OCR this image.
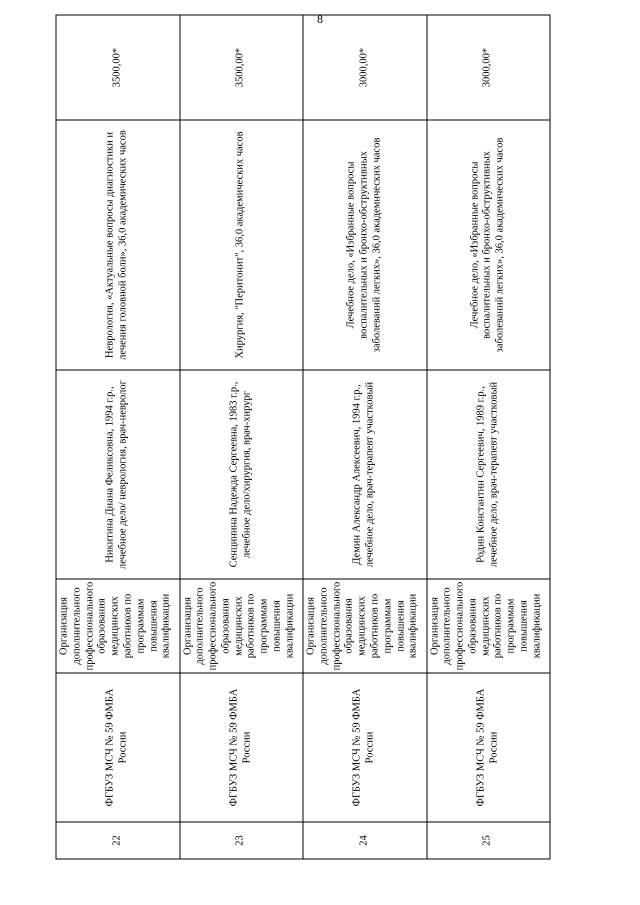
8
22	ФГБУЗ МСЧ № 59 ФМБА России	Организация дополнительного профессионального образования медицинских работников по программам повышения квалификации	Никитина Диана Феликсовна, 1994 г.р., лечебное дело/ неврология, врач-невролог	Неврология, «Актуальные вопросы диагностики и лечения головной боли», 36,0 академических часов	3500,00*
23	ФГБУЗ МСЧ № 59 ФМБА России	Организация дополнительного профессионального образования медицинских работников по программам повышения квалификации	Сенцинина Надежда Сергеевна, 1983 г.р., лечебное дело/хирургия, врач-хирург	Хирургия, "Перитонит", 36,0 академических часов	3500,00*
24	ФГБУЗ МСЧ № 59 ФМБА России	Организация дополнительного профессионального образования медицинских работников по программам повышения квалификации	Демин Александр Алексеевич, 1994 г.р., лечебное дело, врач-терапевт участковый	Лечебное дело, «Избранные вопросы воспалительных и бронхо-обструктивных заболеваний легких», 36,0 академических часов	3000,00*
25	ФГБУЗ МСЧ № 59 ФМБА России	Организация дополнительного профессионального образования медицинских работников по программам повышения квалификации	Родин Константин Сергеевич, 1989 г.р., лечебное дело, врач-терапевт участковый	Лечебное дело, «Избранные вопросы воспалительных и бронхо-обструктивных заболеваний легких», 36,0 академических часов	3000,00*
